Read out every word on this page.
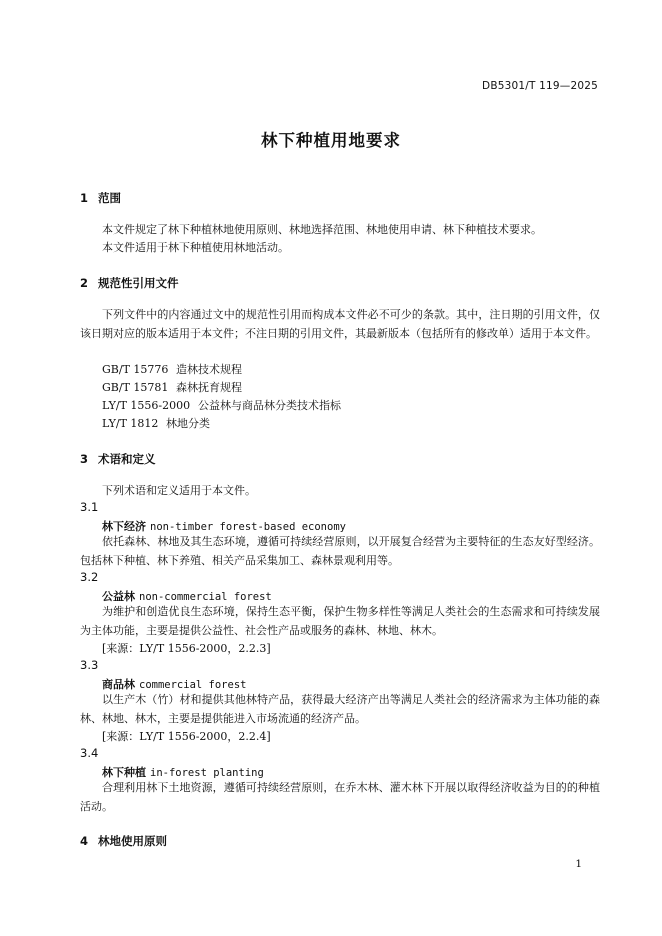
DB5301/T 119—2025
林下种植用地要求
1 范围
本文件规定了林下种植林地使用原则、林地选择范围、林地使用申请、林下种植技术要求。
本文件适用于林下种植使用林地活动。
2 规范性引用文件
下列文件中的内容通过文中的规范性引用而构成本文件必不可少的条款。其中，注日期的引用文件，仅该日期对应的版本适用于本文件；不注日期的引用文件，其最新版本（包括所有的修改单）适用于本文件。
GB/T 15776 造林技术规程
GB/T 15781 森林抚育规程
LY/T 1556-2000 公益林与商品林分类技术指标
LY/T 1812 林地分类
3 术语和定义
下列术语和定义适用于本文件。
3.1
林下经济 non-timber forest-based economy
依托森林、林地及其生态环境，遵循可持续经营原则，以开展复合经营为主要特征的生态友好型经济。包括林下种植、林下养殖、相关产品采集加工、森林景观利用等。
3.2
公益林 non-commercial forest
为维护和创造优良生态环境，保持生态平衡，保护生物多样性等满足人类社会的生态需求和可持续发展为主体功能，主要是提供公益性、社会性产品或服务的森林、林地、林木。
[来源：LY/T 1556-2000，2.2.3]
3.3
商品林 commercial forest
以生产木（竹）材和提供其他林特产品，获得最大经济产出等满足人类社会的经济需求为主体功能的森林、林地、林木，主要是提供能进入市场流通的经济产品。
[来源：LY/T 1556-2000，2.2.4]
3.4
林下种植 in-forest planting
合理利用林下土地资源，遵循可持续经营原则，在乔木林、灌木林下开展以取得经济收益为目的的种植活动。
4 林地使用原则
1
